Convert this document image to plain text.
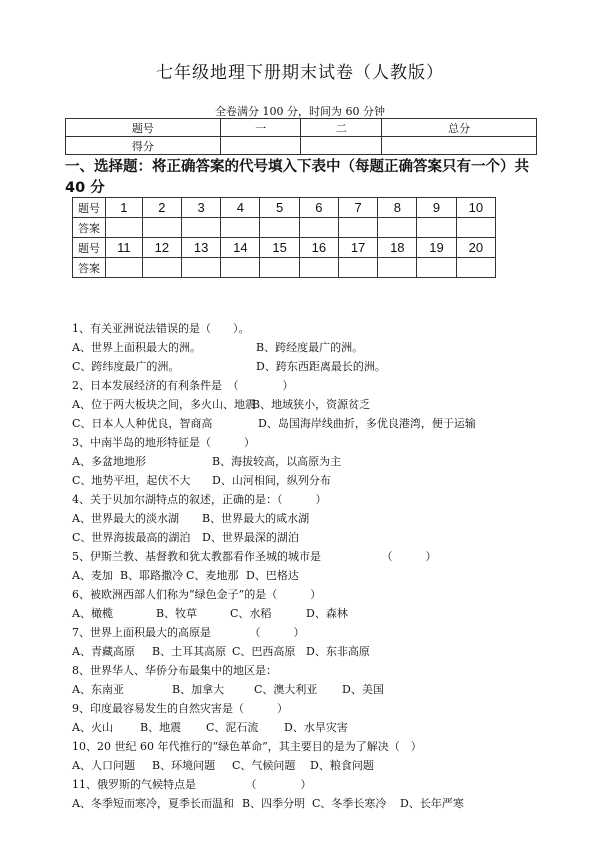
七年级地理下册期末试卷（人教版）
全卷满分 100 分，时间为 60 分钟
题号	一	二	总分
得分			
一、选择题：将正确答案的代号填入下表中（每题正确答案只有一个）共 40 分
题号	1	2	3	4	5	6	7	8	9	10
答案										
题号	11	12	13	14	15	16	17	18	19	20
答案										
1、有关亚洲说法错误的是（　　）。
A、世界上面积最大的洲。	B、跨经度最广的洲。
C、跨纬度最广的洲。	D、跨东西距离最长的洲。
2、日本发展经济的有利条件是　（　　　　）
A、位于两大板块之间，多火山、地震
B、地域狭小，资源贫乏
C、日本人人种优良，智商高	D、岛国海岸线曲折，多优良港湾，便于运输
3、中南半岛的地形特征是（　　　）
A、多盆地地形	B、海拔较高，以高原为主
C、地势平坦，起伏不大 D、山河相间，纵列分布
4、关于贝加尔湖特点的叙述，正确的是：（　　　）
A、世界最大的淡水湖 B、世界最大的咸水湖
C、世界海拔最高的湖泊 D、世界最深的湖泊
5、伊斯兰教、基督教和犹太教都看作圣城的城市是　　　　　　（　　　）
A、麦加 B、耶路撒冷 C、麦地那 D、巴格达
6、被欧洲西部人们称为“绿色金子”的是（　　　）
A、橄榄	B、牧草	C、水稻	D、森林
7、世界上面积最大的高原是　　　　（　　　）
A、青藏高原 B、土耳其高原 C、巴西高原 D、东非高原
8、世界华人、华侨分布最集中的地区是：
A、东南亚	B、加拿大	C、澳大利亚 D、美国
9、印度最容易发生的自然灾害是（　　　）
A、火山 B、地震 C、泥石流 D、水旱灾害
10、20 世纪 60 年代推行的“绿色革命”，其主要目的是为了解决（　）
A、人口问题 B、环境问题 C、气候问题 D、粮食问题
11、俄罗斯的气候特点是　　　　　（　　　　）
A、冬季短而寒冷，夏季长而温和 B、四季分明 C、冬季长寒冷 D、长年严寒
